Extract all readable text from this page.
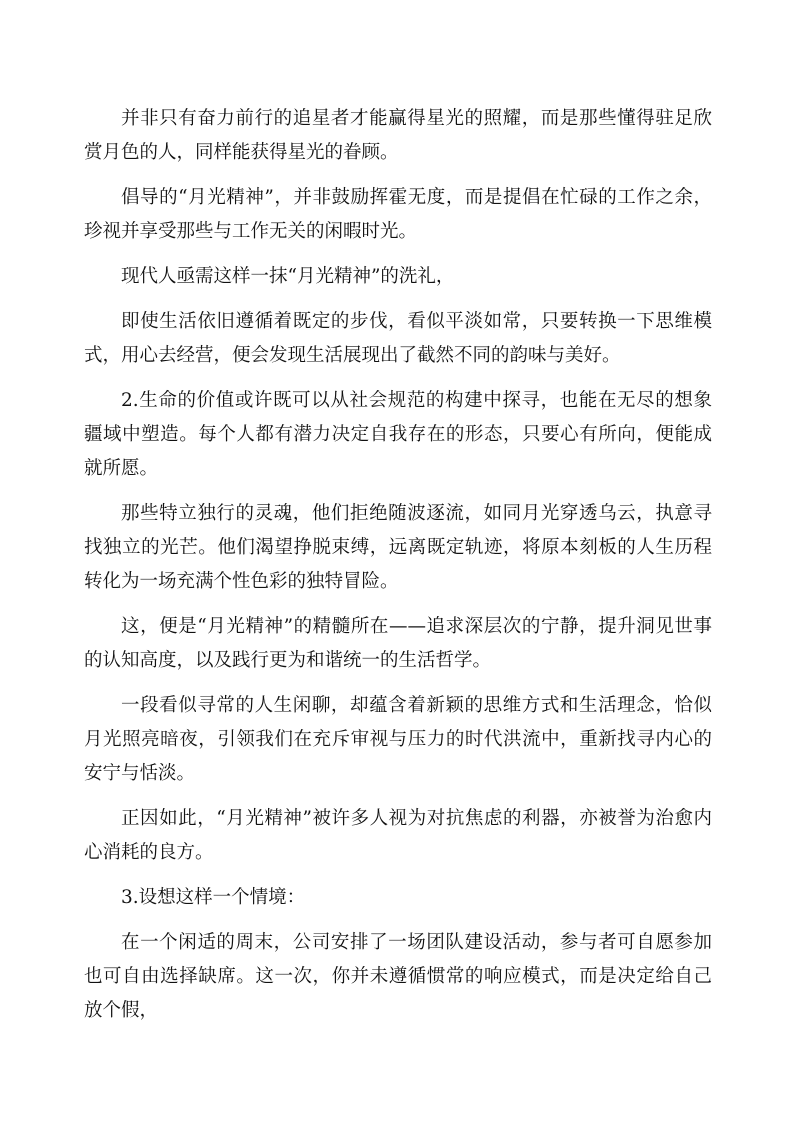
并非只有奋力前行的追星者才能赢得星光的照耀，而是那些懂得驻足欣赏月色的人，同样能获得星光的眷顾。

倡导的“月光精神”，并非鼓励挥霍无度，而是提倡在忙碌的工作之余，珍视并享受那些与工作无关的闲暇时光。

现代人亟需这样一抹“月光精神”的洗礼，

即使生活依旧遵循着既定的步伐，看似平淡如常，只要转换一下思维模式，用心去经营，便会发现生活展现出了截然不同的韵味与美好。

2.生命的价值或许既可以从社会规范的构建中探寻，也能在无尽的想象疆域中塑造。每个人都有潜力决定自我存在的形态，只要心有所向，便能成就所愿。

那些特立独行的灵魂，他们拒绝随波逐流，如同月光穿透乌云，执意寻找独立的光芒。他们渴望挣脱束缚，远离既定轨迹，将原本刻板的人生历程转化为一场充满个性色彩的独特冒险。

这，便是“月光精神”的精髓所在——追求深层次的宁静，提升洞见世事的认知高度，以及践行更为和谐统一的生活哲学。

一段看似寻常的人生闲聊，却蕴含着新颖的思维方式和生活理念，恰似月光照亮暗夜，引领我们在充斥审视与压力的时代洪流中，重新找寻内心的安宁与恬淡。

正因如此，“月光精神”被许多人视为对抗焦虑的利器，亦被誉为治愈内心消耗的良方。

3.设想这样一个情境：

在一个闲适的周末，公司安排了一场团队建设活动，参与者可自愿参加也可自由选择缺席。这一次，你并未遵循惯常的响应模式，而是决定给自己放个假，
